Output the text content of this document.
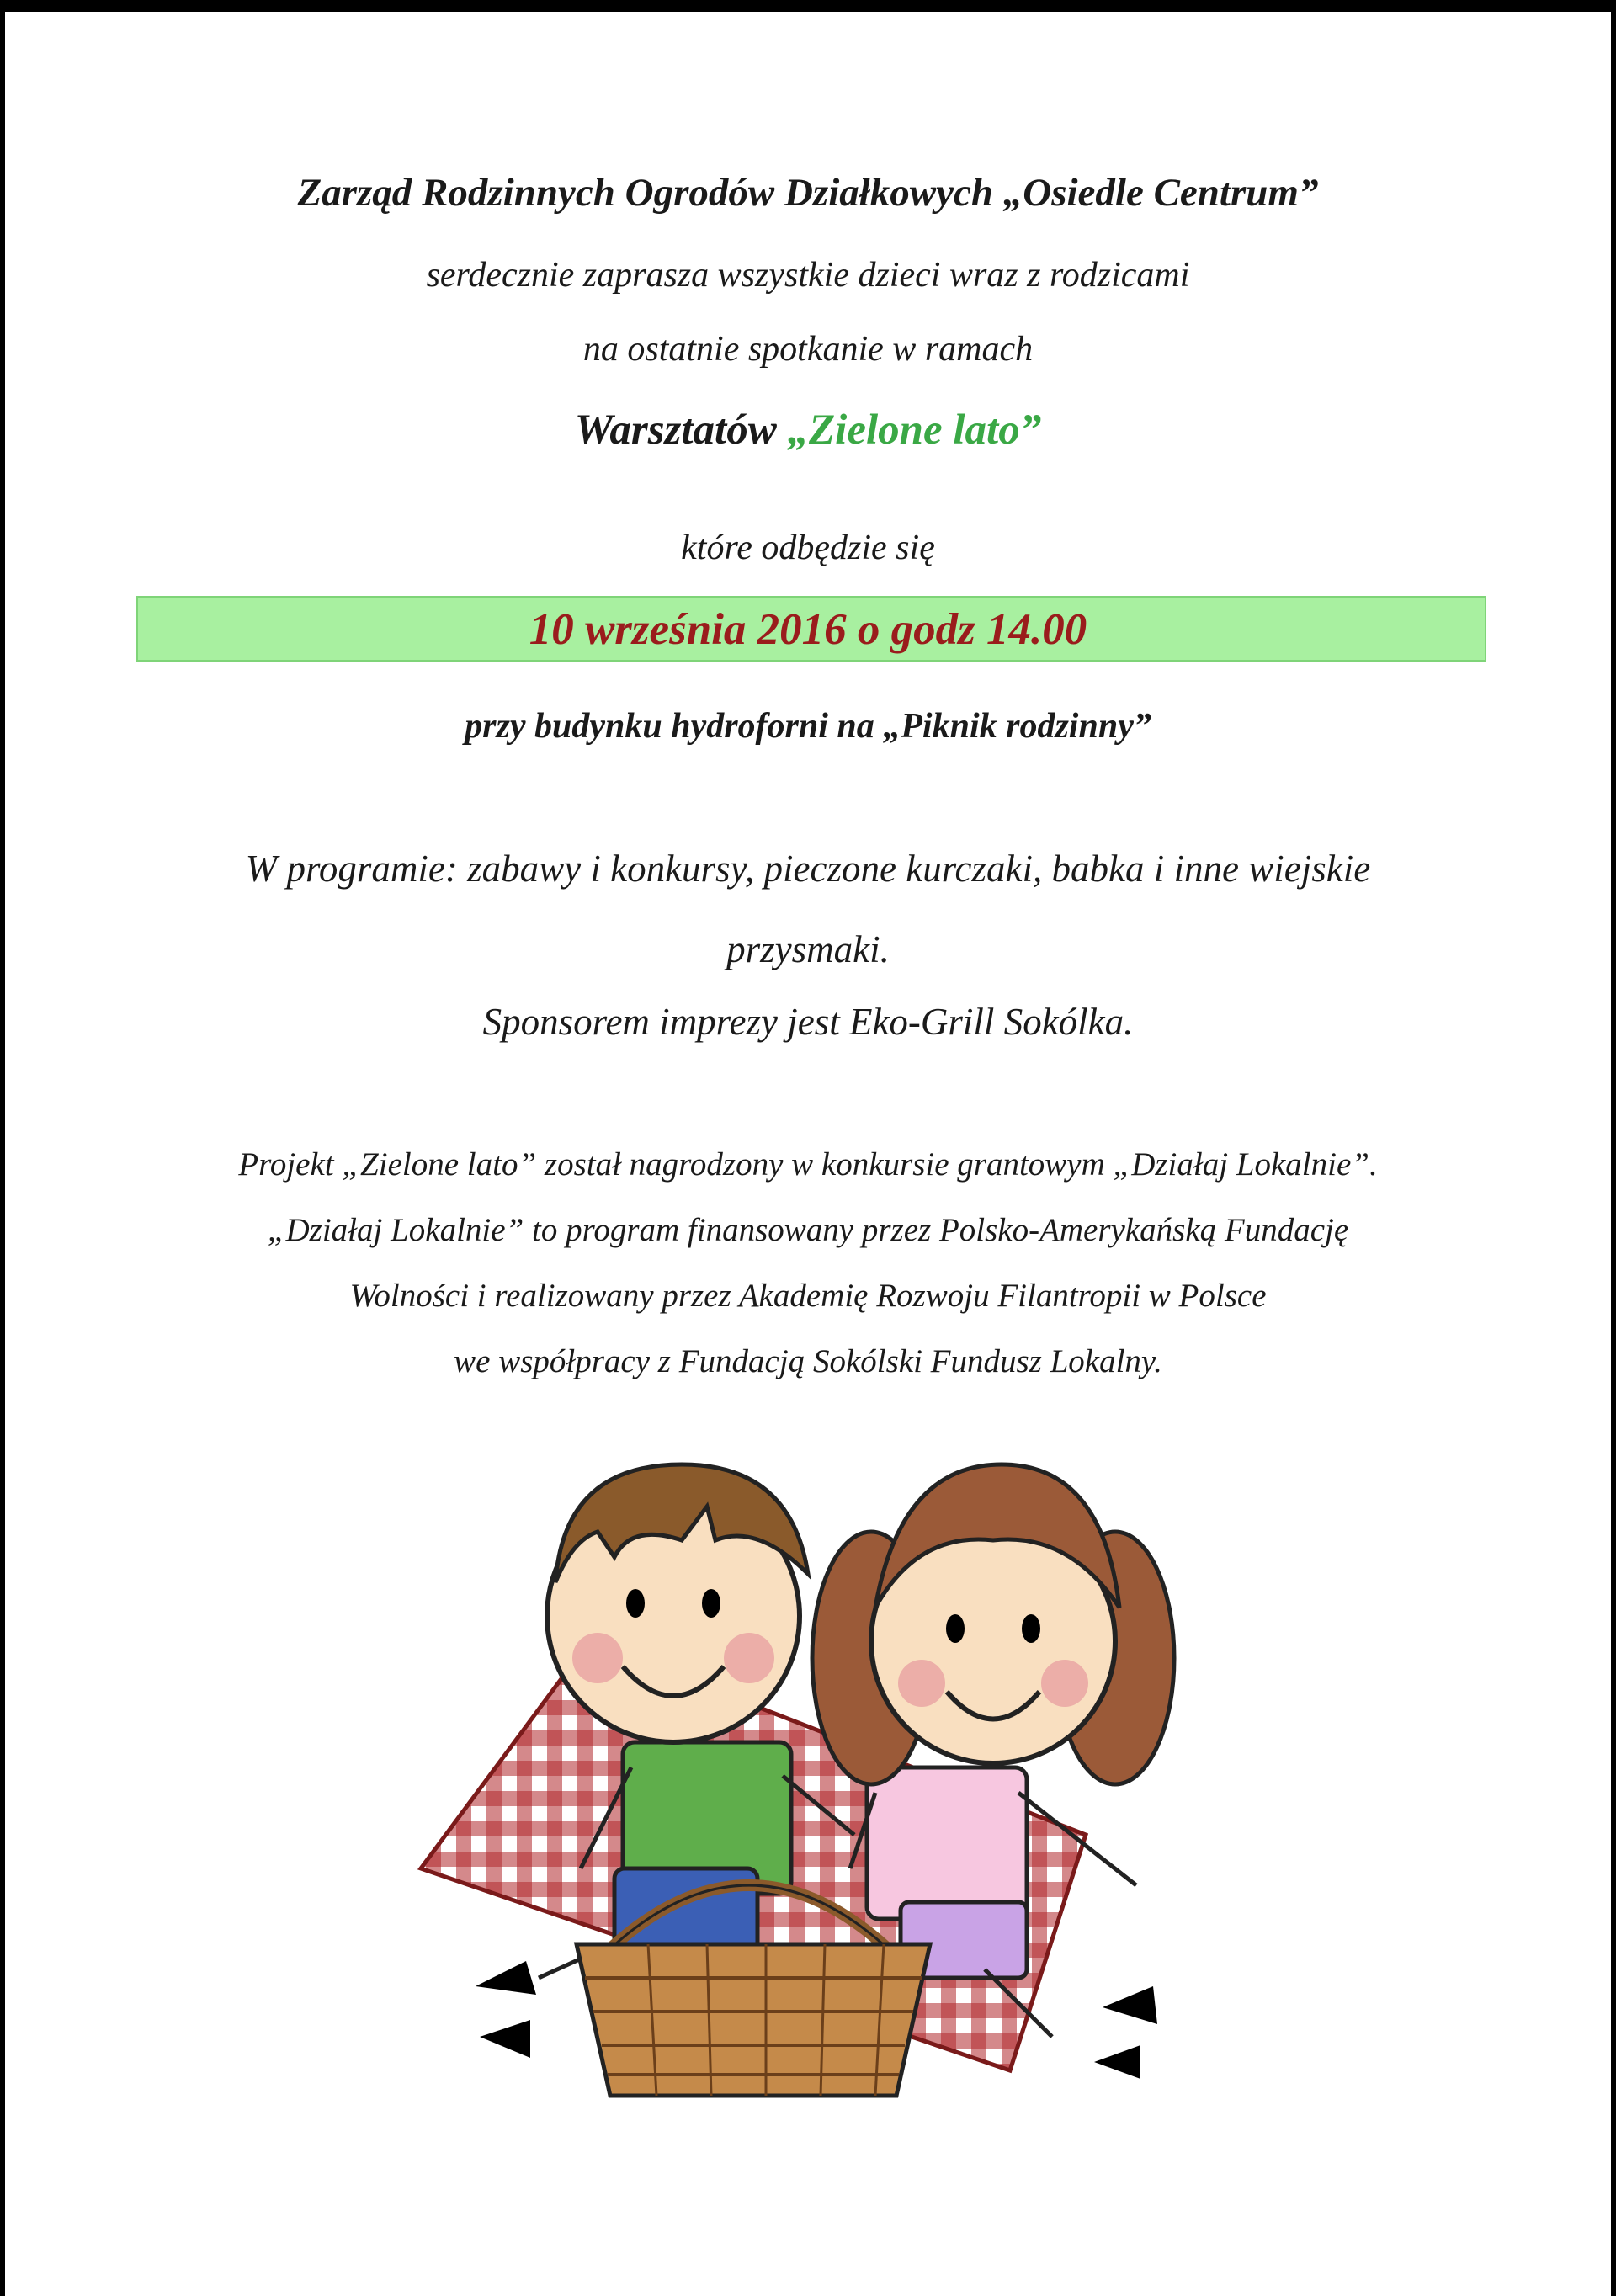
Zarząd Rodzinnych Ogrodów Działkowych „Osiedle Centrum”
serdecznie zaprasza wszystkie dzieci wraz z rodzicami
na ostatnie spotkanie w ramach
Warsztatów „Zielone lato”
które odbędzie się
10 września 2016 o godz 14.00
przy budynku hydroforni na „Piknik rodzinny”
W programie: zabawy i konkursy, pieczone kurczaki, babka i inne wiejskie
przysmaki.
Sponsorem imprezy jest Eko-Grill Sokólka.
Projekt „Zielone lato” został nagrodzony w konkursie grantowym „Działaj Lokalnie”.
„Działaj Lokalnie” to program finansowany przez Polsko-Amerykańską Fundację
Wolności i realizowany przez Akademię Rozwoju Filantropii w Polsce
we współpracy z Fundacją Sokólski Fundusz Lokalny.
